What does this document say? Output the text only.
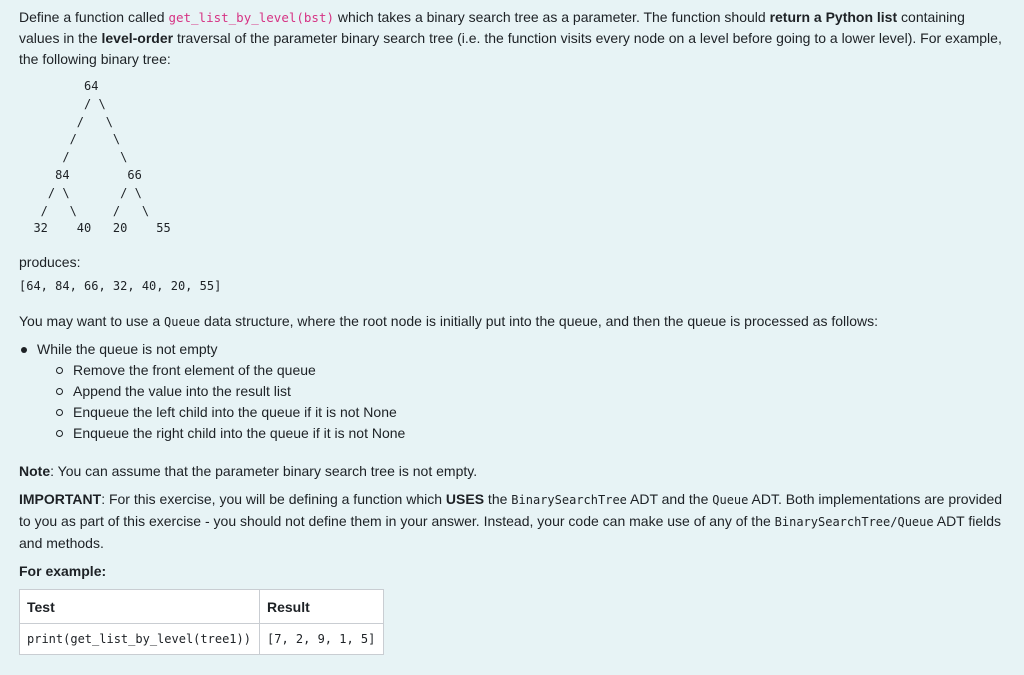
Define a function called get_list_by_level(bst) which takes a binary search tree as a parameter. The function should return a Python list containing values in the level-order traversal of the parameter binary search tree (i.e. the function visits every node on a level before going to a lower level). For example, the following binary tree:

64
/ \
/   \
/     \
/       \
84        66
/ \       / \
/   \     /   \
32    40   20    55

produces:

[64, 84, 66, 32, 40, 20, 55]

You may want to use a Queue data structure, where the root node is initially put into the queue, and then the queue is processed as follows:

While the queue is not empty
Remove the front element of the queue
Append the value into the result list
Enqueue the left child into the queue if it is not None
Enqueue the right child into the queue if it is not None

Note: You can assume that the parameter binary search tree is not empty.

IMPORTANT: For this exercise, you will be defining a function which USES the BinarySearchTree ADT and the Queue ADT. Both implementations are provided to you as part of this exercise - you should not define them in your answer. Instead, your code can make use of any of the BinarySearchTree/Queue ADT fields and methods.

For example:

Test	Result
print(get_list_by_level(tree1))	[7, 2, 9, 1, 5]
